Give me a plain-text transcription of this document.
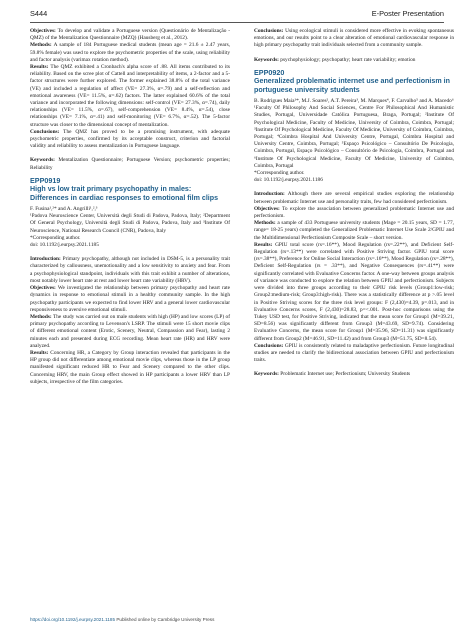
S444	E-Poster Presentation

Objectives: To develop and validate a Portuguese version (Questionário de Mentalização - QMZ) of the Mentalization Questionnaire (MZQ) (Hausberg et al., 2012).

Methods: A sample of 184 Portuguese medical students (mean age = 21.6 ± 2.47 years, 59.8% female) was used to explore the psychometric properties of the scale, using reliability and factor analysis (varimax rotation method).

Results: The QMZ exhibited a Cronbach's alpha score of .88. All items contributed to its reliability. Based on the scree plot of Cattell and interpretability of items, a 2-factor and a 5-factor structures were further explored. The former explained 38.8% of the total variance (VE) and included a regulation of affect (VE= 27.3%, α=.79) and a self-reflection and emotional awareness (VE= 11.5%, α=.62) factors. The latter explained 60.6% of the total variance and incorporated the following dimensions: self-control (VE= 27.3%, α=.74), daily relationships (VE= 11.5%, α=.67), self-comprehension (VE= 8.4%, α=.54), close relationships (VE= 7.1%, α=.41) and self-monitoring (VE= 6.7%, α=.52). The 5-factor structure was closer to the dimensional concept of mentalization.

Conclusions: The QMZ has proved to be a promising instrument, with adequate psychometric properties, confirmed by its acceptable construct, criterion and factorial validity and reliability to assess mentalization in Portuguese language.

Keywords: Mentalization Questionnaire; Portuguese Version; psychometric properties; Reliability

EPP0919
High vs low trait primary psychopathy in males: Differences in cardiac responses to emotional film clips

F. Fusina¹,²* and A. Angrilli¹,²,³

¹Padova Neuroscience Center, Università degli Studi di Padova, Padova, Italy; ²Department Of General Psychology, Università degli Studi di Padova, Padova, Italy and ³Institute Of Neuroscience, National Research Council (CNR), Padova, Italy

*Corresponding author.

doi: 10.1192/j.eurpsy.2021.1185

Introduction: Primary psychopathy, although not included in DSM-5, is a personality trait characterized by callousness, unemotionality and a low sensitivity to anxiety and fear. From a psychophysiological standpoint, individuals with this trait exhibit a number of alterations, most notably lower heart rate at rest and lower heart rate variability (HRV).

Objectives: We investigated the relationship between primary psychopathy and heart rate dynamics in response to emotional stimuli in a healthy community sample. In the high psychopathy participants we expected to find lower HRV and a general lower cardiovascular responsiveness to aversive emotional stimuli.

Methods: The study was carried out on male students with high (HP) and low scores (LP) of primary psychopathy according to Levenson's LSRP. The stimuli were 15 short movie clips of different emotional content (Erotic, Scenery, Neutral, Compassion and Fear), lasting 2 minutes each and presented during ECG recording. Mean heart rate (HR) and HRV were analyzed.

Results: Concerning HR, a Category by Group interaction revealed that participants in the HP group did not differentiate among emotional movie clips, whereas those in the LP group manifested significant reduced HR to Fear and Scenery compared to the other clips. Concerning HRV, the main Group effect showed in HP participants a lower HRV than LP subjects, irrespective of the film categories.

Conclusions: Using ecological stimuli is considered more effective in evoking spontaneous emotions, and our results point to a clear alteration of emotional cardiovascular response in high primary psychopathy trait individuals selected from a community sample.

Keywords: psychophysiology; psychopathy; heart rate variability; emotion

EPP0920
Generalized problematic internet use and perfectionism in portuguese university students

B. Rodrigues Maia¹*, M.J. Soares², A.T. Pereira³, M. Marques⁴, F. Carvalho⁵ and A. Macedo⁶

¹Faculty Of Philosophy And Social Sciences, Centre For Philosophical And Humanistic Studies, Portugal, Universidade Católica Portuguesa, Braga, Portugal; ²Institute Of Psychological Medicine, Faculty of Medicine, University of Coimbra, Coimbra, Portugal; ³Institute Of Psychological Medicine, Faculty Of Medicine, University of Coimbra, Coimbra, Portugal; ⁴Coimbra Hospital And University Centre, Portugal, Coimbra Hospital and University Centre, Coimbra, Portugal; ⁵Espaço Psicológico – Consultório De Psicologia, Coimbra, Portugal, Espaço Psicológico – Consultório de Psicologia, Coimbra, Portugal and ⁶Institute Of Psychological Medicine, Faculty Of Medicine, University of Coimbra, Coimbra, Portugal

*Corresponding author.

doi: 10.1192/j.eurpsy.2021.1186

Introduction: Although there are several empirical studies exploring the relationship between problematic Internet use and personality traits, few had considered perfectionism.

Objectives: To explore the association between generalized problematic Internet use and perfectionism.

Methods: a sample of 433 Portuguese university students (Mage = 20.15 years, SD = 1.77, range= 18-25 years) completed the Generalized Problematic Internet Use Scale 2/GPIU and the Multidimensional Perfectionism Composite Scale – short version.

Results: GPIU total score (rs=.16**), Mood Regulation (rs=.22**), and Deficient Self-Regulation (rs=.13**) were correlated with Positive Striving factor. GPIU total score (rs=.38**), Preference for Online Social Interaction (rs=.16**), Mood Regulation (rs=.28**), Deficient Self-Regulation (rs = .33**), and Negative Consequences (rs=.41**) were significantly correlated with Evaluative Concerns factor. A one-way between groups analysis of variance was conducted to explore the relation between GPIU and perfectionism. Subjects were divided into three groups according to their GPIU risk levels (Group1:low-risk; Group2:medium-risk; Group3:high-risk). There was a statistically difference at p >.05 level in Positive Striving scores for the three risk level groups: F (2,430)=4.39, p=.013, and in Evaluative Concerns scores, F (2,430)=28.83, p=<.001. Post-hoc comparisons using the Tukey USD test, for Positive Striving, indicated that the mean score for Group1 (M=39.21, SD=8.56) was significantly different from Group3 (M=43.69, SD=9.74). Considering Evaluative Concerns, the mean score for Group1 (M=35.96, SD=11.31) was significantly different from Group2 (M=46.91, SD=11.42) and from Group3 (M=51.75, SD=8.54).

Conclusions: GPIU is consistently related to maladaptive perfectionism. Future longitudinal studies are needed to clarify the bidirectional association between GPIU and perfectionism traits.

Keywords: Problematic Internet use; Perfectionism; University Students

https://doi.org/10.1192/j.eurpsy.2021.1185 Published online by Cambridge University Press
